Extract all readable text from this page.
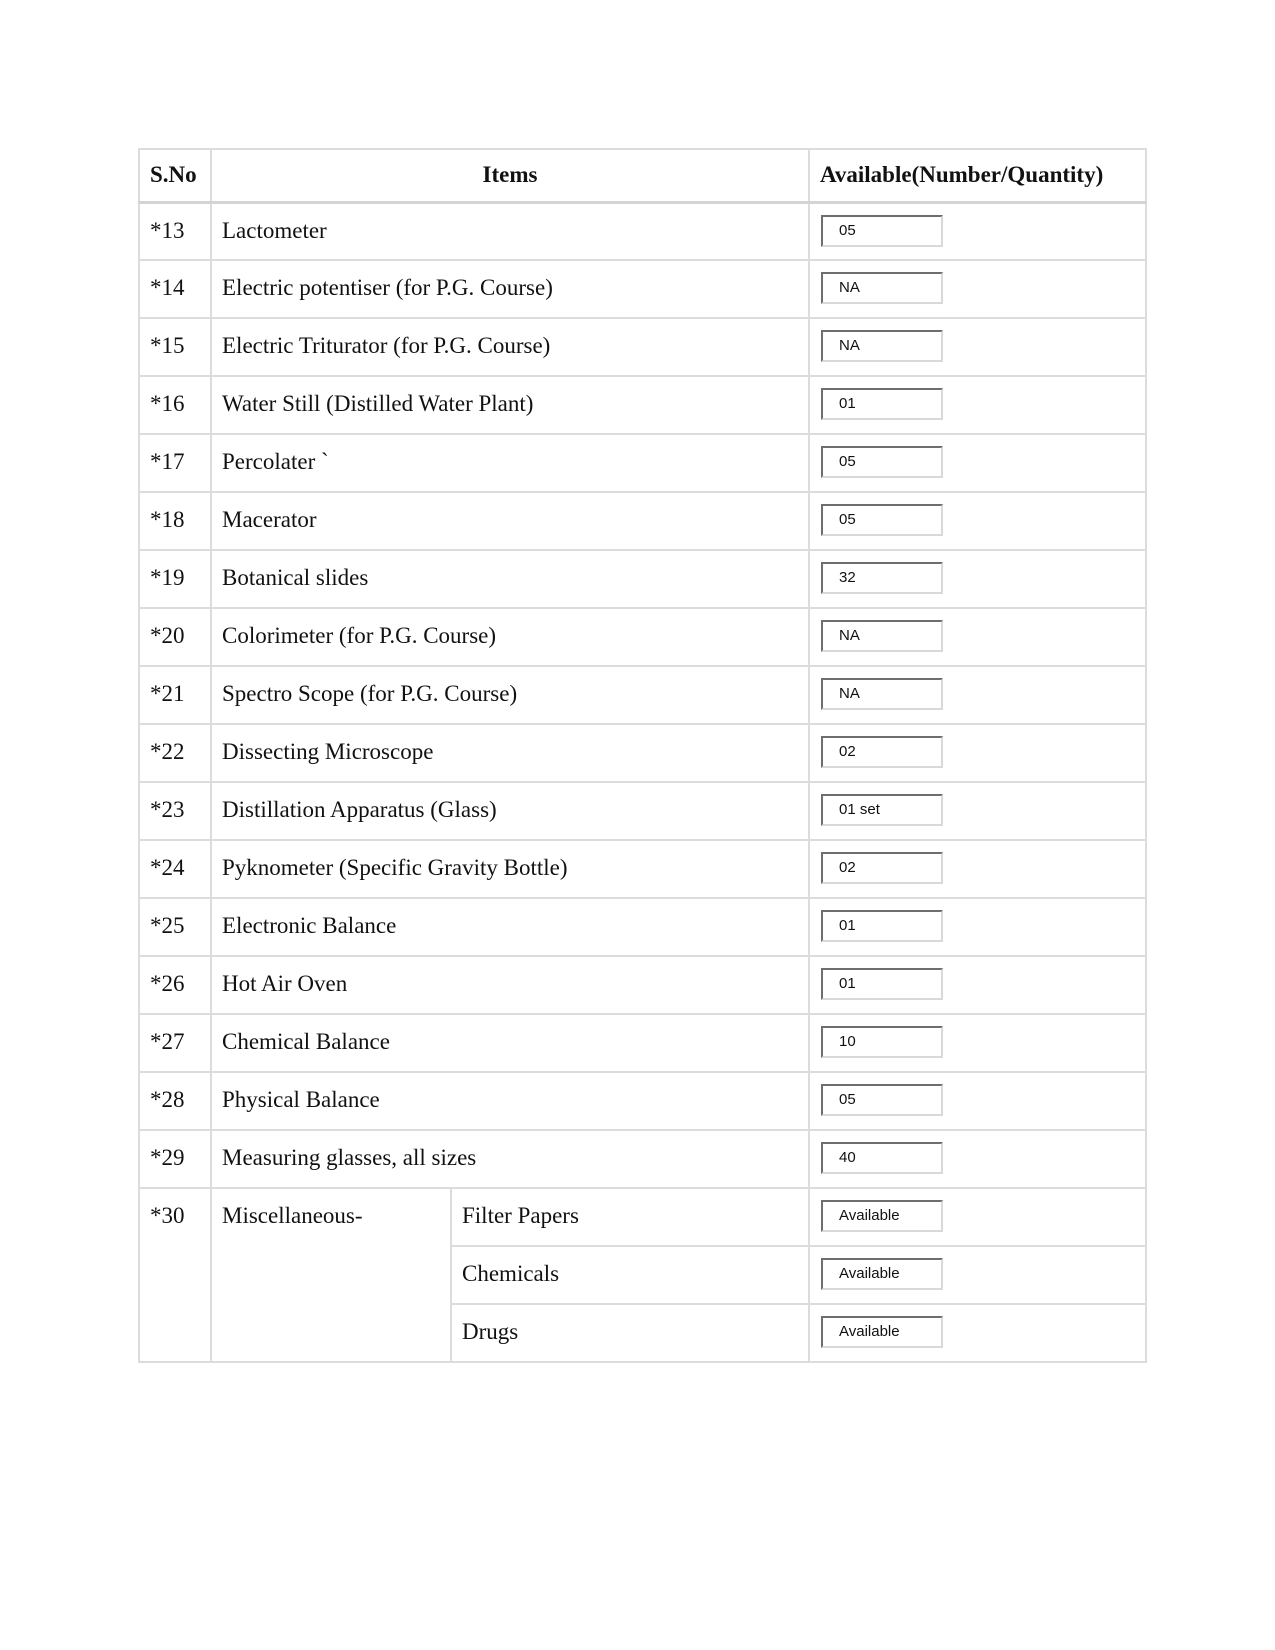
S.No	Items		Available(Number/Quantity)

*13	Lactometer		05

*14	Electric potentiser (for P.G. Course)		NA

*15	Electric Triturator (for P.G. Course)		NA

*16	Water Still (Distilled Water Plant)		01

*17	Percolater `		05

*18	Macerator		05

*19	Botanical slides		32

*20	Colorimeter (for P.G. Course)		NA

*21	Spectro Scope (for P.G. Course)		NA

*22	Dissecting Microscope		02

*23	Distillation Apparatus (Glass)		01 set

*24	Pyknometer (Specific Gravity Bottle)		02

*25	Electronic Balance		01

*26	Hot Air Oven		01

*27	Chemical Balance		10

*28	Physical Balance		05

*29	Measuring glasses, all sizes		40

*30	Miscellaneous-	Filter Papers	Available

		Chemicals	Available

		Drugs	Available
